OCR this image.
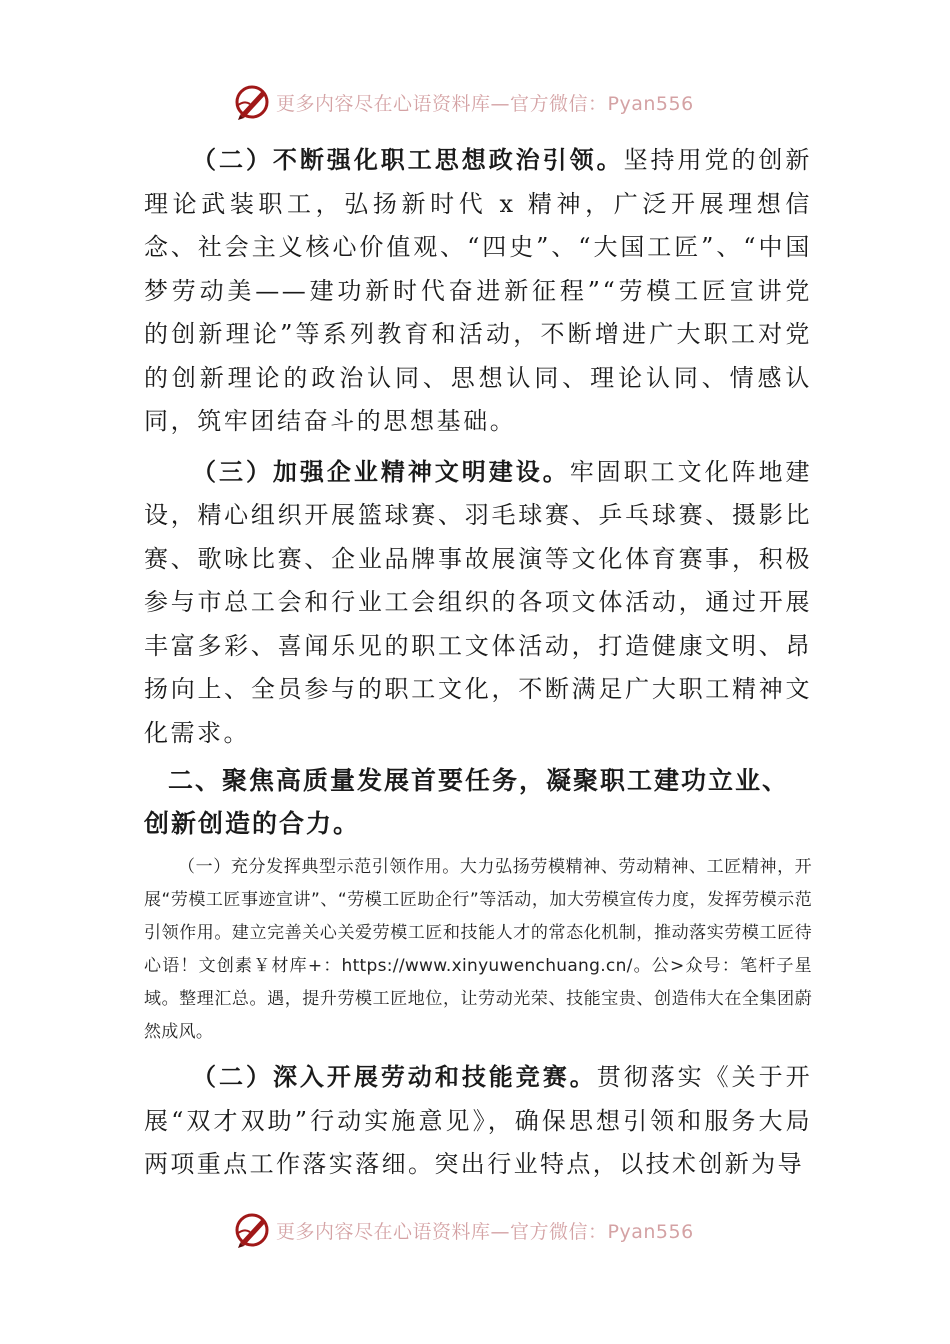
更多内容尽在心语资料库—官方微信：Pyan556

（二）不断强化职工思想政治引领。坚持用党的创新理论武装职工，弘扬新时代 x 精神，广泛开展理想信念、社会主义核心价值观、“四史”、“大国工匠”、“中国梦劳动美——建功新时代奋进新征程”“劳模工匠宣讲党的创新理论”等系列教育和活动，不断增进广大职工对党的创新理论的政治认同、思想认同、理论认同、情感认同，筑牢团结奋斗的思想基础。

（三）加强企业精神文明建设。牢固职工文化阵地建设，精心组织开展篮球赛、羽毛球赛、乒乓球赛、摄影比赛、歌咏比赛、企业品牌事故展演等文化体育赛事，积极参与市总工会和行业工会组织的各项文体活动，通过开展丰富多彩、喜闻乐见的职工文体活动，打造健康文明、昂扬向上、全员参与的职工文化，不断满足广大职工精神文化需求。

二、聚焦高质量发展首要任务，凝聚职工建功立业、创新创造的合力。

（一）充分发挥典型示范引领作用。大力弘扬劳模精神、劳动精神、工匠精神，开展“劳模工匠事迹宣讲”、“劳模工匠助企行”等活动，加大劳模宣传力度，发挥劳模示范引领作用。建立完善关心关爱劳模工匠和技能人才的常态化机制，推动落实劳模工匠待心语！文创素￥材库+：https://www.xinyuwenchuang.cn/。公>众号：笔杆子星域。整理汇总。遇，提升劳模工匠地位，让劳动光荣、技能宝贵、创造伟大在全集团蔚然成风。

（二）深入开展劳动和技能竞赛。贯彻落实《关于开展“双才双助”行动实施意见》，确保思想引领和服务大局两项重点工作落实落细。突出行业特点，以技术创新为导

更多内容尽在心语资料库—官方微信：Pyan556
